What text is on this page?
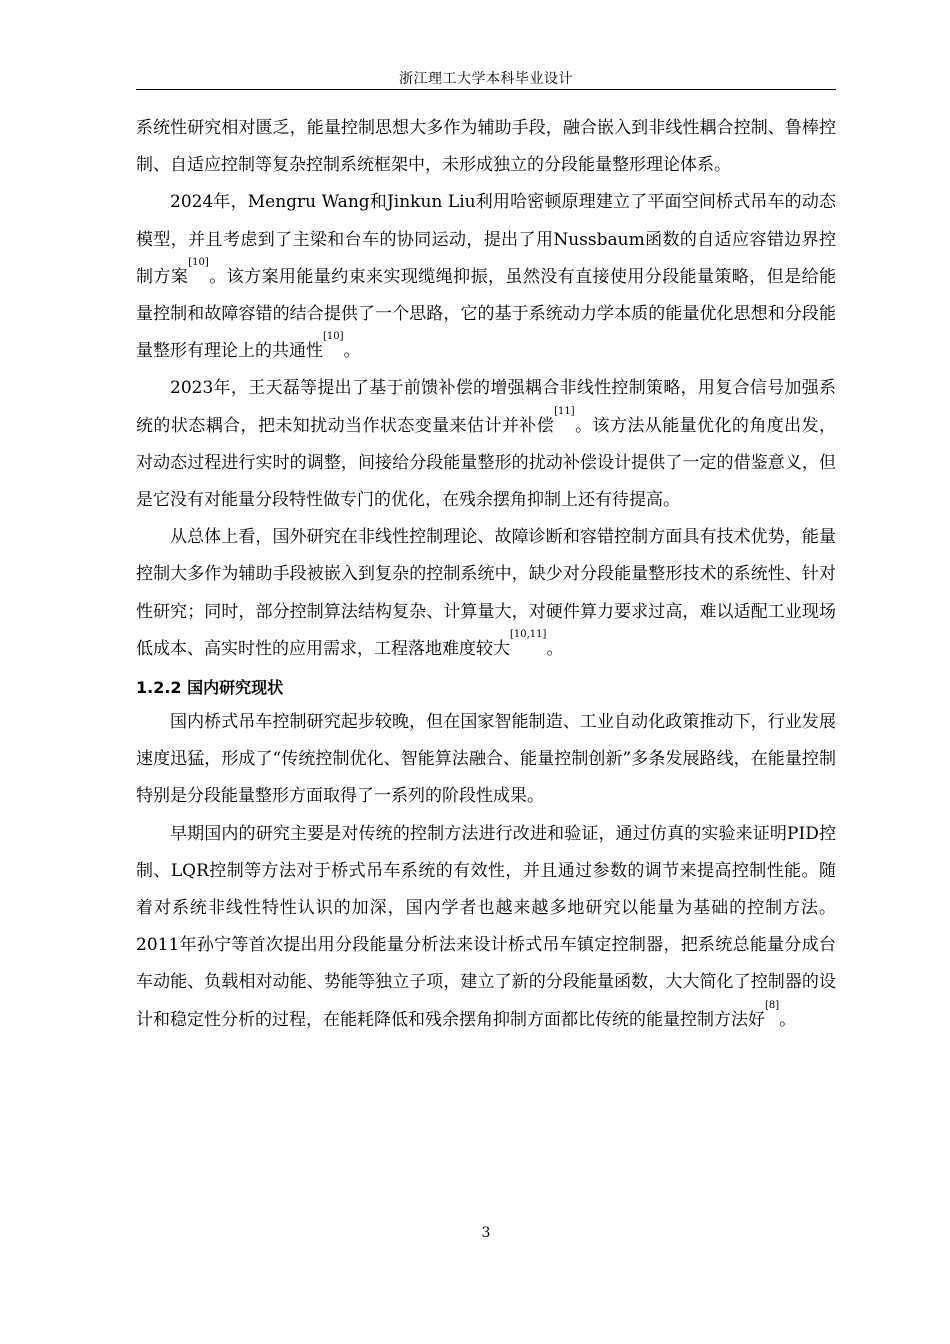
浙江理工大学本科毕业设计

系统性研究相对匮乏，能量控制思想大多作为辅助手段，融合嵌入到非线性耦合控制、鲁棒控制、自适应控制等复杂控制系统框架中，未形成独立的分段能量整形理论体系。

2024年，Mengru Wang和Jinkun Liu利用哈密顿原理建立了平面空间桥式吊车的动态模型，并且考虑到了主梁和台车的协同运动，提出了用Nussbaum函数的自适应容错边界控制方案[10]。该方案用能量约束来实现缆绳抑振，虽然没有直接使用分段能量策略，但是给能量控制和故障容错的结合提供了一个思路，它的基于系统动力学本质的能量优化思想和分段能量整形有理论上的共通性[10]。

2023年，王天磊等提出了基于前馈补偿的增强耦合非线性控制策略，用复合信号加强系统的状态耦合，把未知扰动当作状态变量来估计并补偿[11]。该方法从能量优化的角度出发，对动态过程进行实时的调整，间接给分段能量整形的扰动补偿设计提供了一定的借鉴意义，但是它没有对能量分段特性做专门的优化，在残余摆角抑制上还有待提高。

从总体上看，国外研究在非线性控制理论、故障诊断和容错控制方面具有技术优势，能量控制大多作为辅助手段被嵌入到复杂的控制系统中，缺少对分段能量整形技术的系统性、针对性研究；同时，部分控制算法结构复杂、计算量大，对硬件算力要求过高，难以适配工业现场低成本、高实时性的应用需求，工程落地难度较大[10,11]。

1.2.2 国内研究现状

国内桥式吊车控制研究起步较晚，但在国家智能制造、工业自动化政策推动下，行业发展速度迅猛，形成了“传统控制优化、智能算法融合、能量控制创新”多条发展路线，在能量控制特别是分段能量整形方面取得了一系列的阶段性成果。

早期国内的研究主要是对传统的控制方法进行改进和验证，通过仿真的实验来证明PID控制、LQR控制等方法对于桥式吊车系统的有效性，并且通过参数的调节来提高控制性能。随着对系统非线性特性认识的加深，国内学者也越来越多地研究以能量为基础的控制方法。2011年孙宁等首次提出用分段能量分析法来设计桥式吊车镇定控制器，把系统总能量分成台车动能、负载相对动能、势能等独立子项，建立了新的分段能量函数，大大简化了控制器的设计和稳定性分析的过程，在能耗降低和残余摆角抑制方面都比传统的能量控制方法好[8]。

3
